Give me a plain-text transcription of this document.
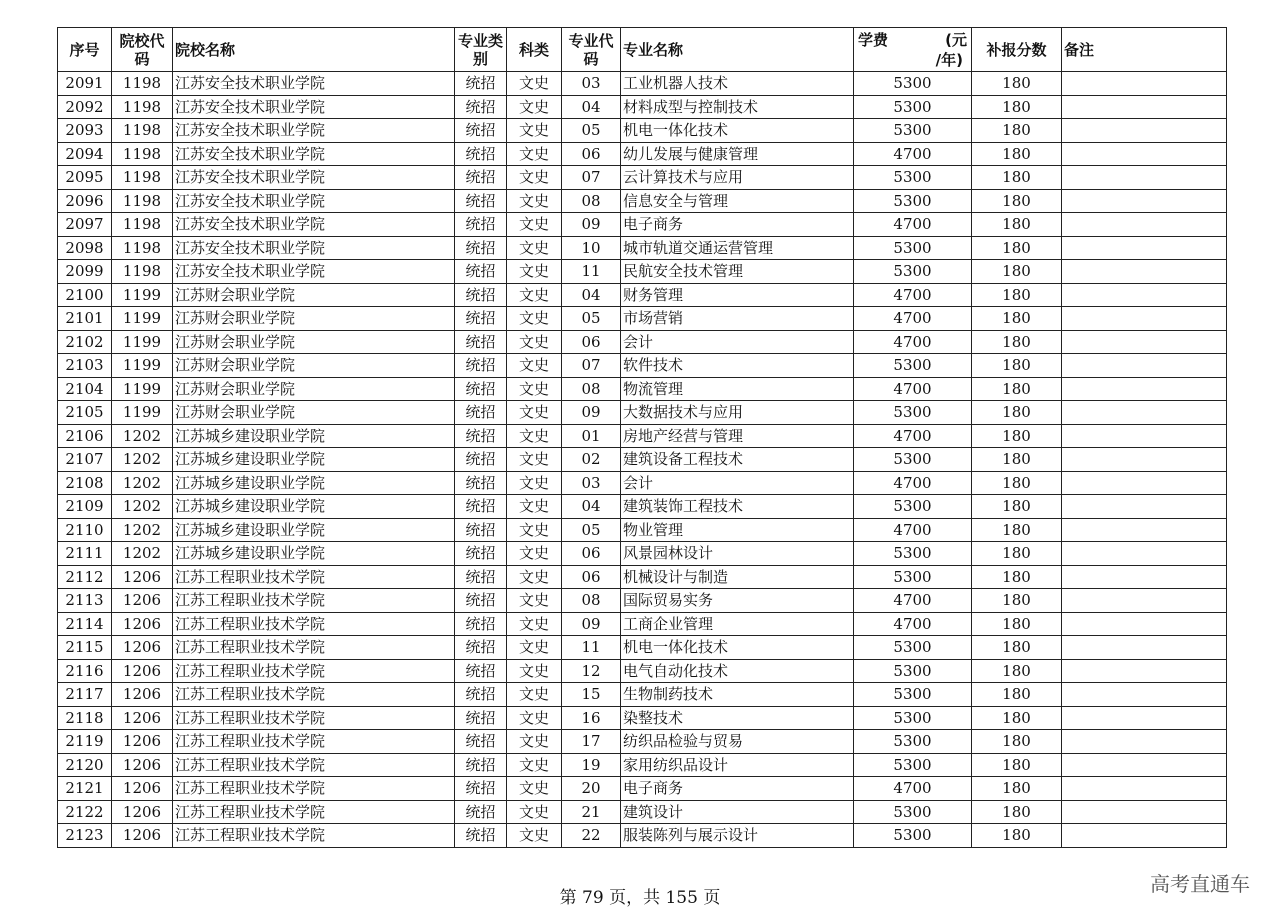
序号	院校代码	院校名称	专业类别	科类	专业代码	专业名称	学费 (元
/年)	补报分数	备注
2091	1198	江苏安全技术职业学院	统招	文史	03	工业机器人技术	5300	180	
2092	1198	江苏安全技术职业学院	统招	文史	04	材料成型与控制技术	5300	180	
2093	1198	江苏安全技术职业学院	统招	文史	05	机电一体化技术	5300	180	
2094	1198	江苏安全技术职业学院	统招	文史	06	幼儿发展与健康管理	4700	180	
2095	1198	江苏安全技术职业学院	统招	文史	07	云计算技术与应用	5300	180	
2096	1198	江苏安全技术职业学院	统招	文史	08	信息安全与管理	5300	180	
2097	1198	江苏安全技术职业学院	统招	文史	09	电子商务	4700	180	
2098	1198	江苏安全技术职业学院	统招	文史	10	城市轨道交通运营管理	5300	180	
2099	1198	江苏安全技术职业学院	统招	文史	11	民航安全技术管理	5300	180	
2100	1199	江苏财会职业学院	统招	文史	04	财务管理	4700	180	
2101	1199	江苏财会职业学院	统招	文史	05	市场营销	4700	180	
2102	1199	江苏财会职业学院	统招	文史	06	会计	4700	180	
2103	1199	江苏财会职业学院	统招	文史	07	软件技术	5300	180	
2104	1199	江苏财会职业学院	统招	文史	08	物流管理	4700	180	
2105	1199	江苏财会职业学院	统招	文史	09	大数据技术与应用	5300	180	
2106	1202	江苏城乡建设职业学院	统招	文史	01	房地产经营与管理	4700	180	
2107	1202	江苏城乡建设职业学院	统招	文史	02	建筑设备工程技术	5300	180	
2108	1202	江苏城乡建设职业学院	统招	文史	03	会计	4700	180	
2109	1202	江苏城乡建设职业学院	统招	文史	04	建筑装饰工程技术	5300	180	
2110	1202	江苏城乡建设职业学院	统招	文史	05	物业管理	4700	180	
2111	1202	江苏城乡建设职业学院	统招	文史	06	风景园林设计	5300	180	
2112	1206	江苏工程职业技术学院	统招	文史	06	机械设计与制造	5300	180	
2113	1206	江苏工程职业技术学院	统招	文史	08	国际贸易实务	4700	180	
2114	1206	江苏工程职业技术学院	统招	文史	09	工商企业管理	4700	180	
2115	1206	江苏工程职业技术学院	统招	文史	11	机电一体化技术	5300	180	
2116	1206	江苏工程职业技术学院	统招	文史	12	电气自动化技术	5300	180	
2117	1206	江苏工程职业技术学院	统招	文史	15	生物制药技术	5300	180	
2118	1206	江苏工程职业技术学院	统招	文史	16	染整技术	5300	180	
2119	1206	江苏工程职业技术学院	统招	文史	17	纺织品检验与贸易	5300	180	
2120	1206	江苏工程职业技术学院	统招	文史	19	家用纺织品设计	5300	180	
2121	1206	江苏工程职业技术学院	统招	文史	20	电子商务	4700	180	
2122	1206	江苏工程职业技术学院	统招	文史	21	建筑设计	5300	180	
2123	1206	江苏工程职业技术学院	统招	文史	22	服装陈列与展示设计	5300	180	
第 79 页，共 155 页
高考直通车
